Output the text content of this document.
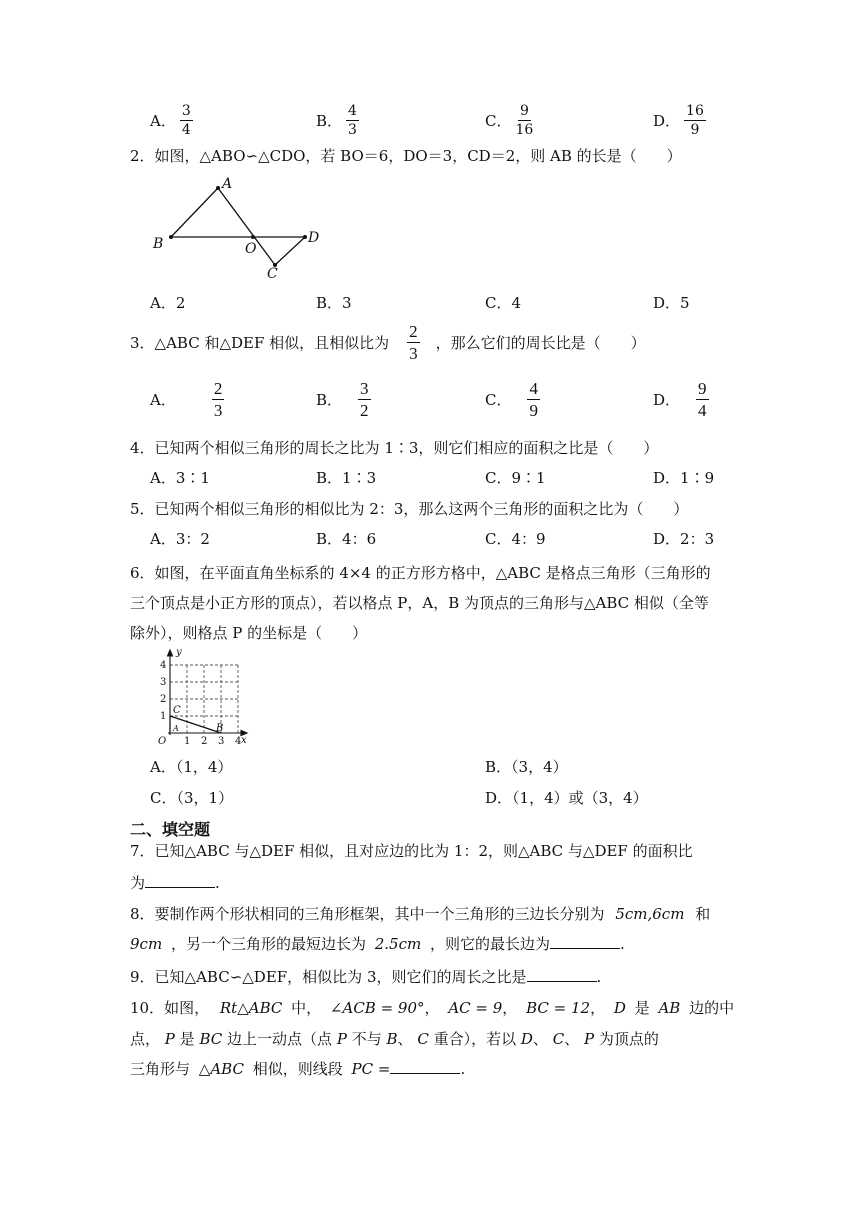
A． $\frac{3}{4}$	B． $\frac{4}{3}$	C． $\frac{9}{16}$	D． $\frac{16}{9}$
2．如图，△ABO∽△CDO，若 BO＝6，DO＝3，CD＝2，则 AB 的长是（　　）
A
B	O
D
C
A．2	B．3	C．4	D．5
3．△ABC 和△DEF 相似，且相似比为 $\frac{2}{3}$ ，那么它们的周长比是（　　）
A． $\frac{2}{3}$	B． $\frac{3}{2}$	C． $\frac{4}{9}$	D． $\frac{9}{4}$
4．已知两个相似三角形的周长之比为 1∶3，则它们相应的面积之比是（　　）
A．3∶1	B．1∶3	C．9∶1	D．1∶9
5．已知两个相似三角形的相似比为 2：3，那么这两个三角形的面积之比为（　　）
A．3：2	B．4：6	C．4：9	D．2：3
6．如图，在平面直角坐标系的 4×4 的正方形方格中，△ABC 是格点三角形（三角形的
三个顶点是小正方形的顶点），若以格点 P，A，B 为顶点的三角形与△ABC 相似（全等
除外），则格点 P 的坐标是（　　）
y
x
O
1
2
3
4
1 2 3 4
C
A	B
A．（1，4）	B．（3，4）
C．（3，1）	D．（1，4）或（3，4）
二、填空题
7．已知△ABC 与△DEF 相似，且对应边的比为 1：2，则△ABC 与△DEF 的面积比
为	.
8．要制作两个形状相同的三角形框架，其中一个三角形的三边长分别为 5cm,6cm 和
9cm ，另一个三角形的最短边长为 2.5cm ，则它的最长边为	.
9．已知△ABC∽△DEF，相似比为 3，则它们的周长之比是	.
10．如图， Rt△ABC 中， ∠ACB = 90°， AC = 9， BC = 12， D 是 AB 边的中
点， P 是 BC 边上一动点（点 P 不与 B、 C 重合），若以 D、 C、 P 为顶点的
三角形与 △ABC 相似，则线段 PC =	.
